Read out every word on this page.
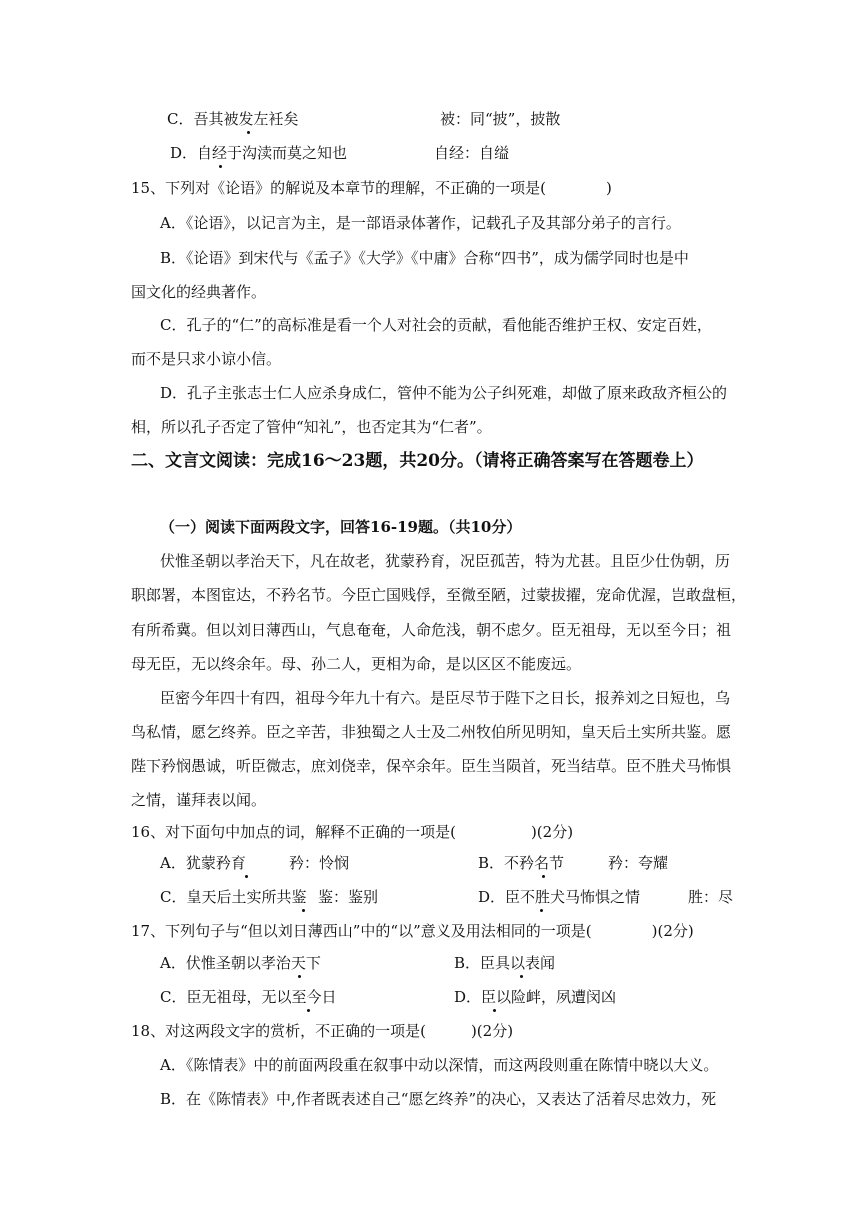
C．吾其被发左衽矣	被：同“披”，披散
D．自经于沟渎而莫之知也	自经：自缢
15、下列对《论语》的解说及本章节的理解，不正确的一项是(　　　　)
A．《论语》，以记言为主，是一部语录体著作，记载孔子及其部分弟子的言行。
B．《论语》到宋代与《孟子》《大学》《中庸》合称“四书”，成为儒学同时也是中
国文化的经典著作。
C．孔子的“仁”的高标准是看一个人对社会的贡献，看他能否维护王权、安定百姓，
而不是只求小谅小信。
D．孔子主张志士仁人应杀身成仁，管仲不能为公子纠死难，却做了原来政敌齐桓公的
相，所以孔子否定了管仲“知礼”，也否定其为“仁者”。
二、文言文阅读：完成16～23题，共20分。（请将正确答案写在答题卷上）
（一）阅读下面两段文字，回答16-19题。（共10分）
伏惟圣朝以孝治天下，凡在故老，犹蒙矜育，况臣孤苦，特为尤甚。且臣少仕伪朝，历
职郎署，本图宦达，不矜名节。今臣亡国贱俘，至微至陋，过蒙拔擢，宠命优渥，岂敢盘桓，
有所希冀。但以刘日薄西山，气息奄奄，人命危浅，朝不虑夕。臣无祖母，无以至今日；祖
母无臣，无以终余年。母、孙二人，更相为命，是以区区不能废远。
臣密今年四十有四，祖母今年九十有六。是臣尽节于陛下之日长，报养刘之日短也，乌
鸟私情，愿乞终养。臣之辛苦，非独蜀之人士及二州牧伯所见明知，皇天后土实所共鉴。愿
陛下矜悯愚诚，听臣微志，庶刘侥幸，保卒余年。臣生当陨首，死当结草。臣不胜犬马怖惧
之情，谨拜表以闻。
16、对下面句中加点的词，解释不正确的一项是(　　　　　)(2分)
A．犹蒙矜育	矜：怜悯	B．不矜名节	矜：夸耀
C．皇天后土实所共鉴 鉴：鉴别	D．臣不胜犬马怖惧之情	胜：尽
17、下列句子与“但以刘日薄西山”中的“以”意义及用法相同的一项是(　　　　)(2分)
A．伏惟圣朝以孝治天下	B．臣具以表闻
C．臣无祖母，无以至今日	D．臣以险衅，夙遭闵凶
18、对这两段文字的赏析，不正确的一项是(　　　)(2分)
A．《陈情表》中的前面两段重在叙事中动以深情，而这两段则重在陈情中晓以大义。
B．在《陈情表》中,作者既表述自己“愿乞终养”的决心，又表达了活着尽忠效力，死
